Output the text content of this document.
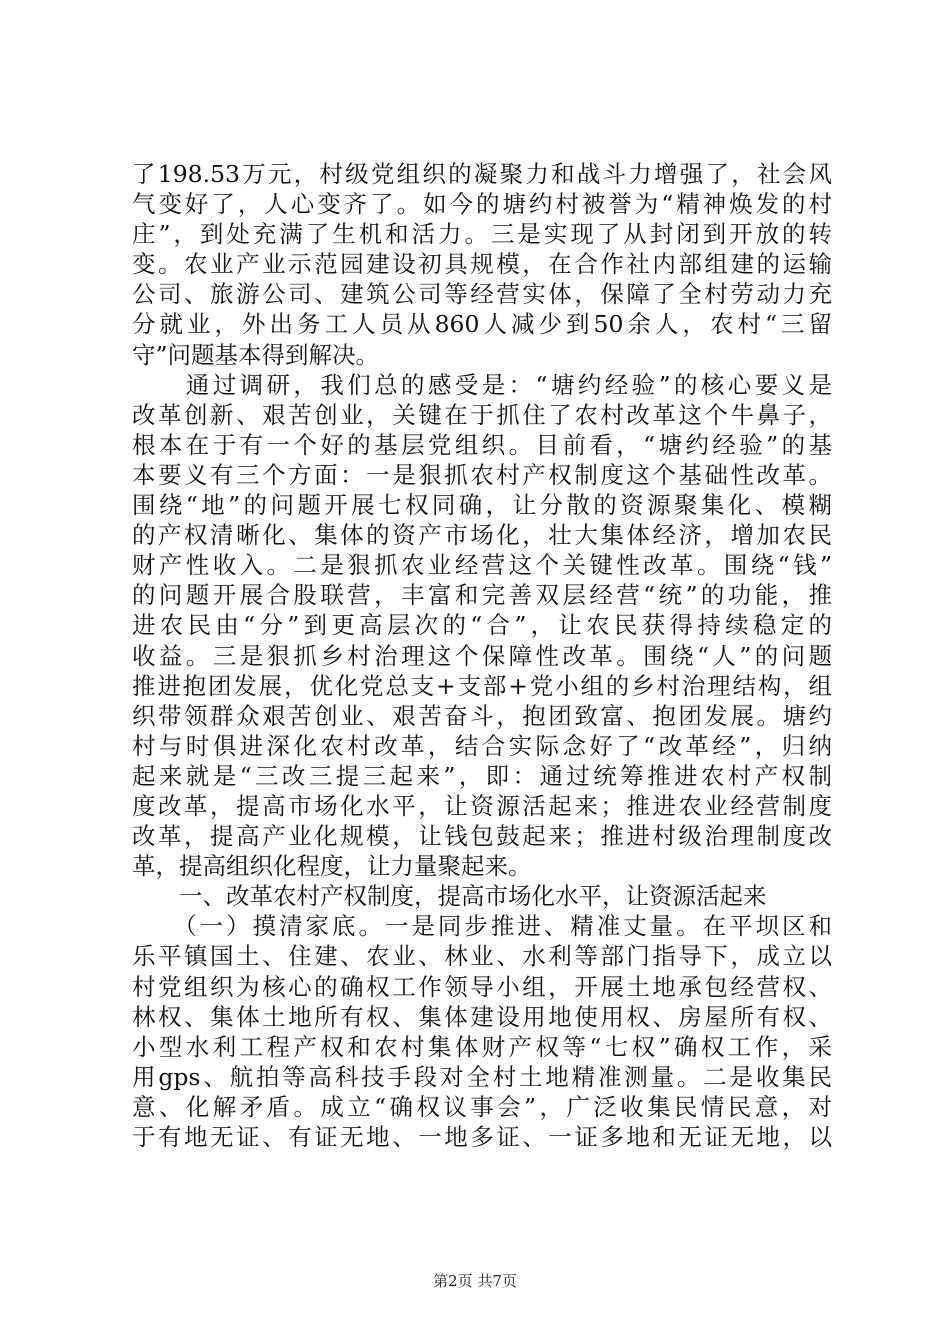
了198.53万元，村级党组织的凝聚力和战斗力增强了，社会风
气变好了，人心变齐了。如今的塘约村被誉为“精神焕发的村
庄”，到处充满了生机和活力。三是实现了从封闭到开放的转
变。农业产业示范园建设初具规模，在合作社内部组建的运输
公司、旅游公司、建筑公司等经营实体，保障了全村劳动力充
分就业，外出务工人员从860人减少到50余人，农村“三留
守”问题基本得到解决。
　　通过调研，我们总的感受是：“塘约经验”的核心要义是
改革创新、艰苦创业，关键在于抓住了农村改革这个牛鼻子，
根本在于有一个好的基层党组织。目前看，“塘约经验”的基
本要义有三个方面：一是狠抓农村产权制度这个基础性改革。
围绕“地”的问题开展七权同确，让分散的资源聚集化、模糊
的产权清晰化、集体的资产市场化，壮大集体经济，增加农民
财产性收入。二是狠抓农业经营这个关键性改革。围绕“钱”
的问题开展合股联营，丰富和完善双层经营“统”的功能，推
进农民由“分”到更高层次的“合”，让农民获得持续稳定的
收益。三是狠抓乡村治理这个保障性改革。围绕“人”的问题
推进抱团发展，优化党总支+支部+党小组的乡村治理结构，组
织带领群众艰苦创业、艰苦奋斗，抱团致富、抱团发展。塘约
村与时俱进深化农村改革，结合实际念好了“改革经”，归纳
起来就是“三改三提三起来”，即：通过统筹推进农村产权制
度改革，提高市场化水平，让资源活起来；推进农业经营制度
改革，提高产业化规模，让钱包鼓起来；推进村级治理制度改
革，提高组织化程度，让力量聚起来。
　　一、改革农村产权制度，提高市场化水平，让资源活起来
　　（一）摸清家底。一是同步推进、精准丈量。在平坝区和
乐平镇国土、住建、农业、林业、水利等部门指导下，成立以
村党组织为核心的确权工作领导小组，开展土地承包经营权、
林权、集体土地所有权、集体建设用地使用权、房屋所有权、
小型水利工程产权和农村集体财产权等“七权”确权工作，采
用gps、航拍等高科技手段对全村土地精准测量。二是收集民
意、化解矛盾。成立“确权议事会”，广泛收集民情民意，对
于有地无证、有证无地、一地多证、一证多地和无证无地，以
第2页 共7页
